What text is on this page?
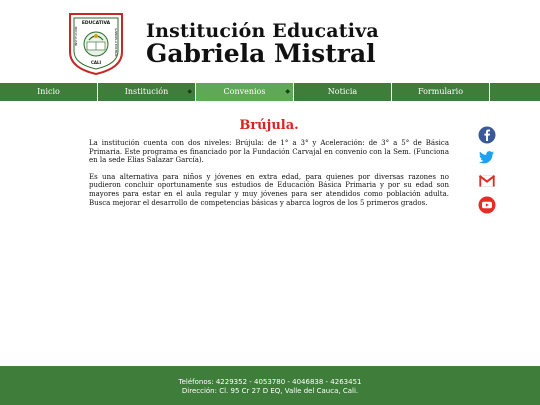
EDUCATIVA
INSTITUCIÓN	GABRIELA MISTRAL
CALI
Institución Educativa
Gabriela Mistral
Inicio	Institución	◆	Convenios	◆	Noticia	Formulario
Brújula.

La institución cuenta con dos niveles: Brújula: de 1° a 3° y Aceleración: de 3° a 5° de Básica Primaria. Este programa es financiado por la Fundación Carvajal en convenio con la Sem. (Funciona en la sede Elias Salazar García).

Es una alternativa para niños y jóvenes en extra edad, para quienes por diversas razones no pudieron concluir oportunamente sus estudios de Educación Básica Primaria y por su edad son mayores para estar en el aula regular y muy jóvenes para ser atendidos como población adulta. Busca mejorar el desarrollo de competencias básicas y abarca logros de los 5 primeros grados.

Teléfonos: 4229352 - 4053780 - 4046838 - 4263451
Dirección: Cl. 95 Cr 27 D EQ, Valle del Cauca, Cali.
